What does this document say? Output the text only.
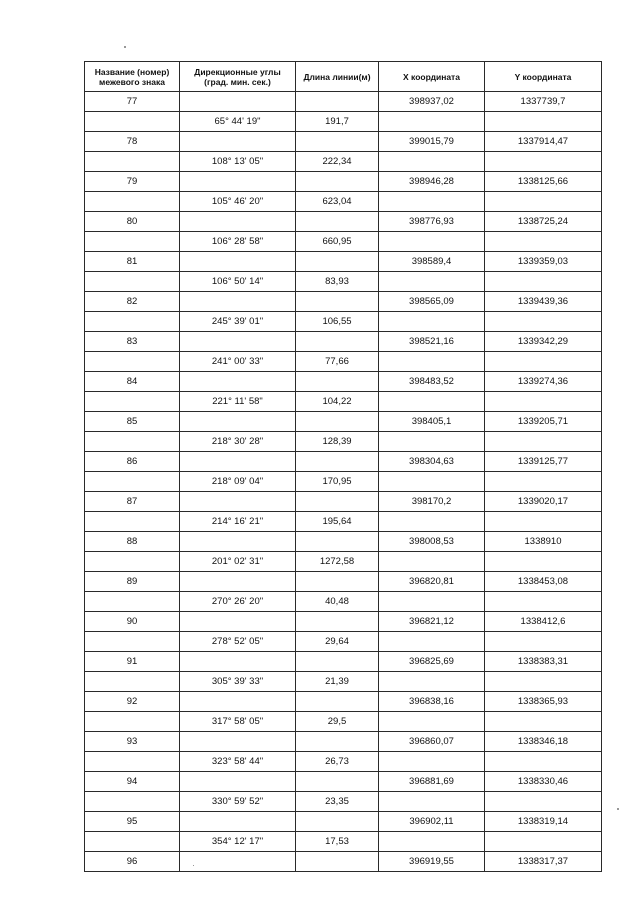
Название (номер) межевого знака	Дирекционные углы (град. мин. сек.)	Длина линии(м)	X координата	Y координата
77			398937,02	1337739,7
	65° 44' 19"	191,7		
78			399015,79	1337914,47
	108° 13' 05"	222,34		
79			398946,28	1338125,66
	105° 46' 20"	623,04		
80			398776,93	1338725,24
	106° 28' 58"	660,95		
81			398589,4	1339359,03
	106° 50' 14"	83,93		
82			398565,09	1339439,36
	245° 39' 01"	106,55		
83			398521,16	1339342,29
	241° 00' 33"	77,66		
84			398483,52	1339274,36
	221° 11' 58"	104,22		
85			398405,1	1339205,71
	218° 30' 28"	128,39		
86			398304,63	1339125,77
	218° 09' 04"	170,95		
87			398170,2	1339020,17
	214° 16' 21"	195,64		
88			398008,53	1338910
	201° 02' 31"	1272,58		
89			396820,81	1338453,08
	270° 26' 20"	40,48		
90			396821,12	1338412,6
	278° 52' 05"	29,64		
91			396825,69	1338383,31
	305° 39' 33"	21,39		
92			396838,16	1338365,93
	317° 58' 05"	29,5		
93			396860,07	1338346,18
	323° 58' 44"	26,73		
94			396881,69	1338330,46
	330° 59' 52"	23,35		
95			396902,11	1338319,14
	354° 12' 17"	17,53		
96			396919,55	1338317,37
